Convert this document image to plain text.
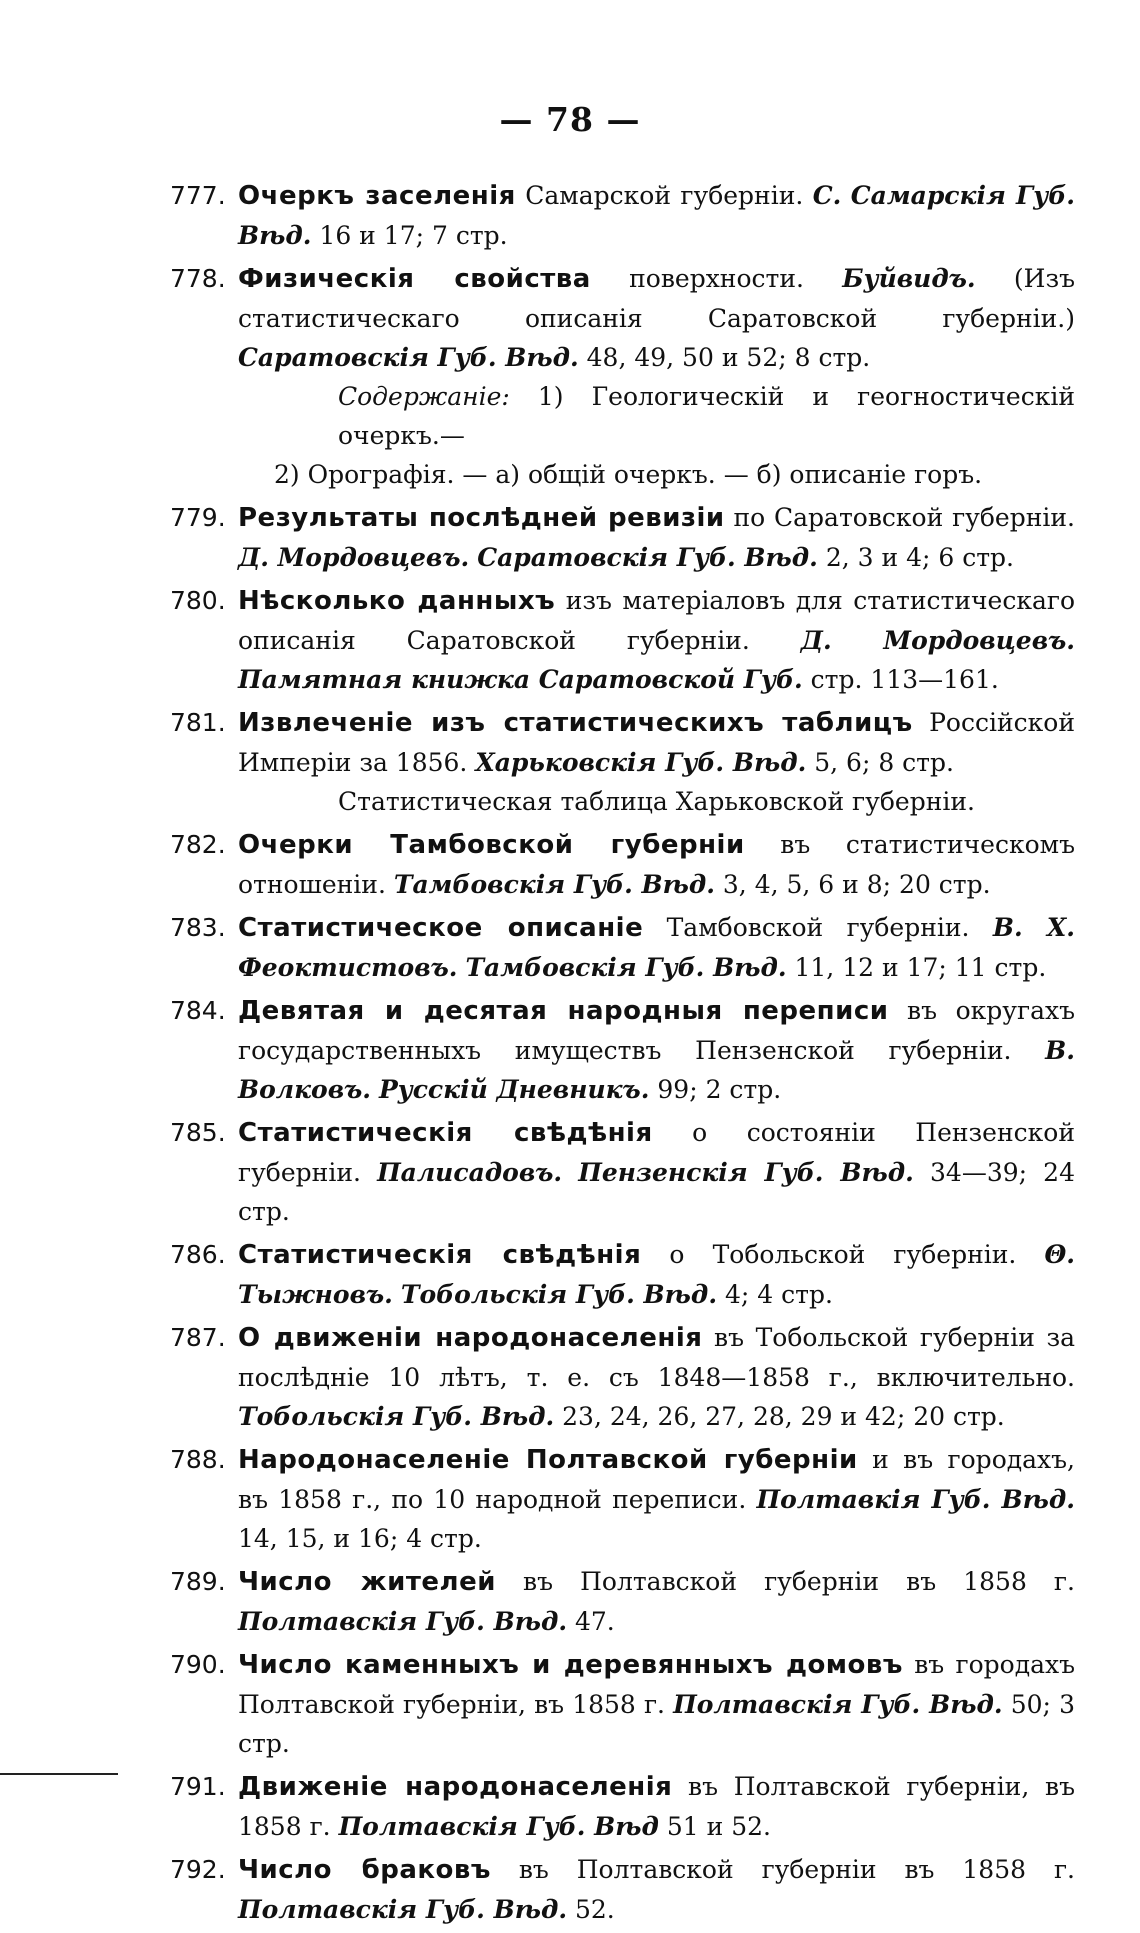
— 78 —
777. Очеркъ заселенія Самарской губерніи. С. Самарскія Губ. Вѣд. 16 и 17; 7 стр.
778. Физическія свойства поверхности. Буйвидъ. (Изъ статистическаго описанія Саратовской губерніи.) Саратовскія Губ. Вѣд. 48, 49, 50 и 52; 8 стр.
Содержаніе: 1) Геологическій и геогностическій очеркъ.—
2) Орографія. — а) общій очеркъ. — б) описаніе горъ.
779. Результаты послѣдней ревизіи по Саратовской губерніи. Д. Мордовцевъ. Саратовскія Губ. Вѣд. 2, 3 и 4; 6 стр.
780. Нѣсколько данныхъ изъ матеріаловъ для статистическаго описанія Саратовской губерніи. Д. Мордовцевъ. Памятная книжка Саратовской Губ. стр. 113—161.
781. Извлеченіе изъ статистическихъ таблицъ Россійской Имперіи за 1856. Харьковскія Губ. Вѣд. 5, 6; 8 стр.
Статистическая таблица Харьковской губерніи.
782. Очерки Тамбовской губерніи въ статистическомъ отношеніи. Тамбовскія Губ. Вѣд. 3, 4, 5, 6 и 8; 20 стр.
783. Статистическое описаніе Тамбовской губерніи. В. Х. Феоктистовъ. Тамбовскія Губ. Вѣд. 11, 12 и 17; 11 стр.
784. Девятая и десятая народныя переписи въ округахъ государственныхъ имуществъ Пензенской губерніи. В. Волковъ. Русскій Дневникъ. 99; 2 стр.
785. Статистическія свѣдѣнія о состояніи Пензенской губерніи. Палисадовъ. Пензенскія Губ. Вѣд. 34—39; 24 стр.
786. Статистическія свѣдѣнія о Тобольской губерніи. Θ. Тыжновъ. Тобольскія Губ. Вѣд. 4; 4 стр.
787. О движеніи народонаселенія въ Тобольской губерніи за послѣдніе 10 лѣтъ, т. е. съ 1848—1858 г., включительно. Тобольскія Губ. Вѣд. 23, 24, 26, 27, 28, 29 и 42; 20 стр.
788. Народонаселеніе Полтавской губерніи и въ городахъ, въ 1858 г., по 10 народной переписи. Полтавкія Губ. Вѣд. 14, 15, и 16; 4 стр.
789. Число жителей въ Полтавской губерніи въ 1858 г. Полтавскія Губ. Вѣд. 47.
790. Число каменныхъ и деревянныхъ домовъ въ городахъ Полтавской губерніи, въ 1858 г. Полтавскія Губ. Вѣд. 50; 3 стр.
791. Движеніе народонаселенія въ Полтавской губерніи, въ 1858 г. Полтавскія Губ. Вѣд 51 и 52.
792. Число браковъ въ Полтавской губерніи въ 1858 г. Полтавскія Губ. Вѣд. 52.
